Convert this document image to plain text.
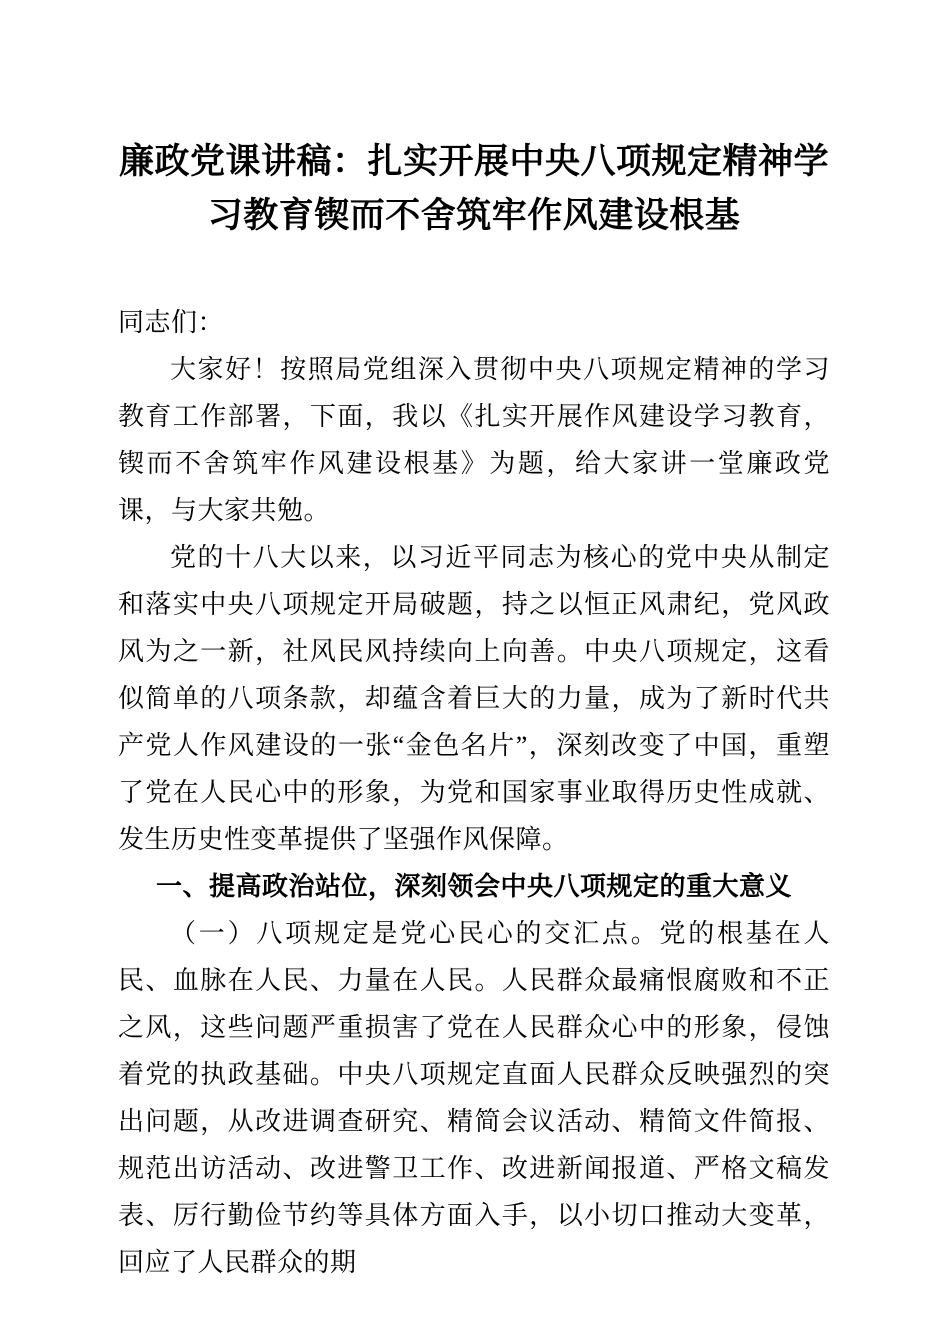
廉政党课讲稿：扎实开展中央八项规定精神学
习教育锲而不舍筑牢作风建设根基

同志们：

大家好！按照局党组深入贯彻中央八项规定精神的学习教育工作部署，下面，我以《扎实开展作风建设学习教育，锲而不舍筑牢作风建设根基》为题，给大家讲一堂廉政党课，与大家共勉。

党的十八大以来，以习近平同志为核心的党中央从制定和落实中央八项规定开局破题，持之以恒正风肃纪，党风政风为之一新，社风民风持续向上向善。中央八项规定，这看似简单的八项条款，却蕴含着巨大的力量，成为了新时代共产党人作风建设的一张“金色名片”，深刻改变了中国，重塑了党在人民心中的形象，为党和国家事业取得历史性成就、发生历史性变革提供了坚强作风保障。

一、提高政治站位，深刻领会中央八项规定的重大意义

（一）八项规定是党心民心的交汇点。党的根基在人民、血脉在人民、力量在人民。人民群众最痛恨腐败和不正之风，这些问题严重损害了党在人民群众心中的形象，侵蚀着党的执政基础。中央八项规定直面人民群众反映强烈的突出问题，从改进调查研究、精简会议活动、精简文件简报、规范出访活动、改进警卫工作、改进新闻报道、严格文稿发表、厉行勤俭节约等具体方面入手，以小切口推动大变革，回应了人民群众的期
